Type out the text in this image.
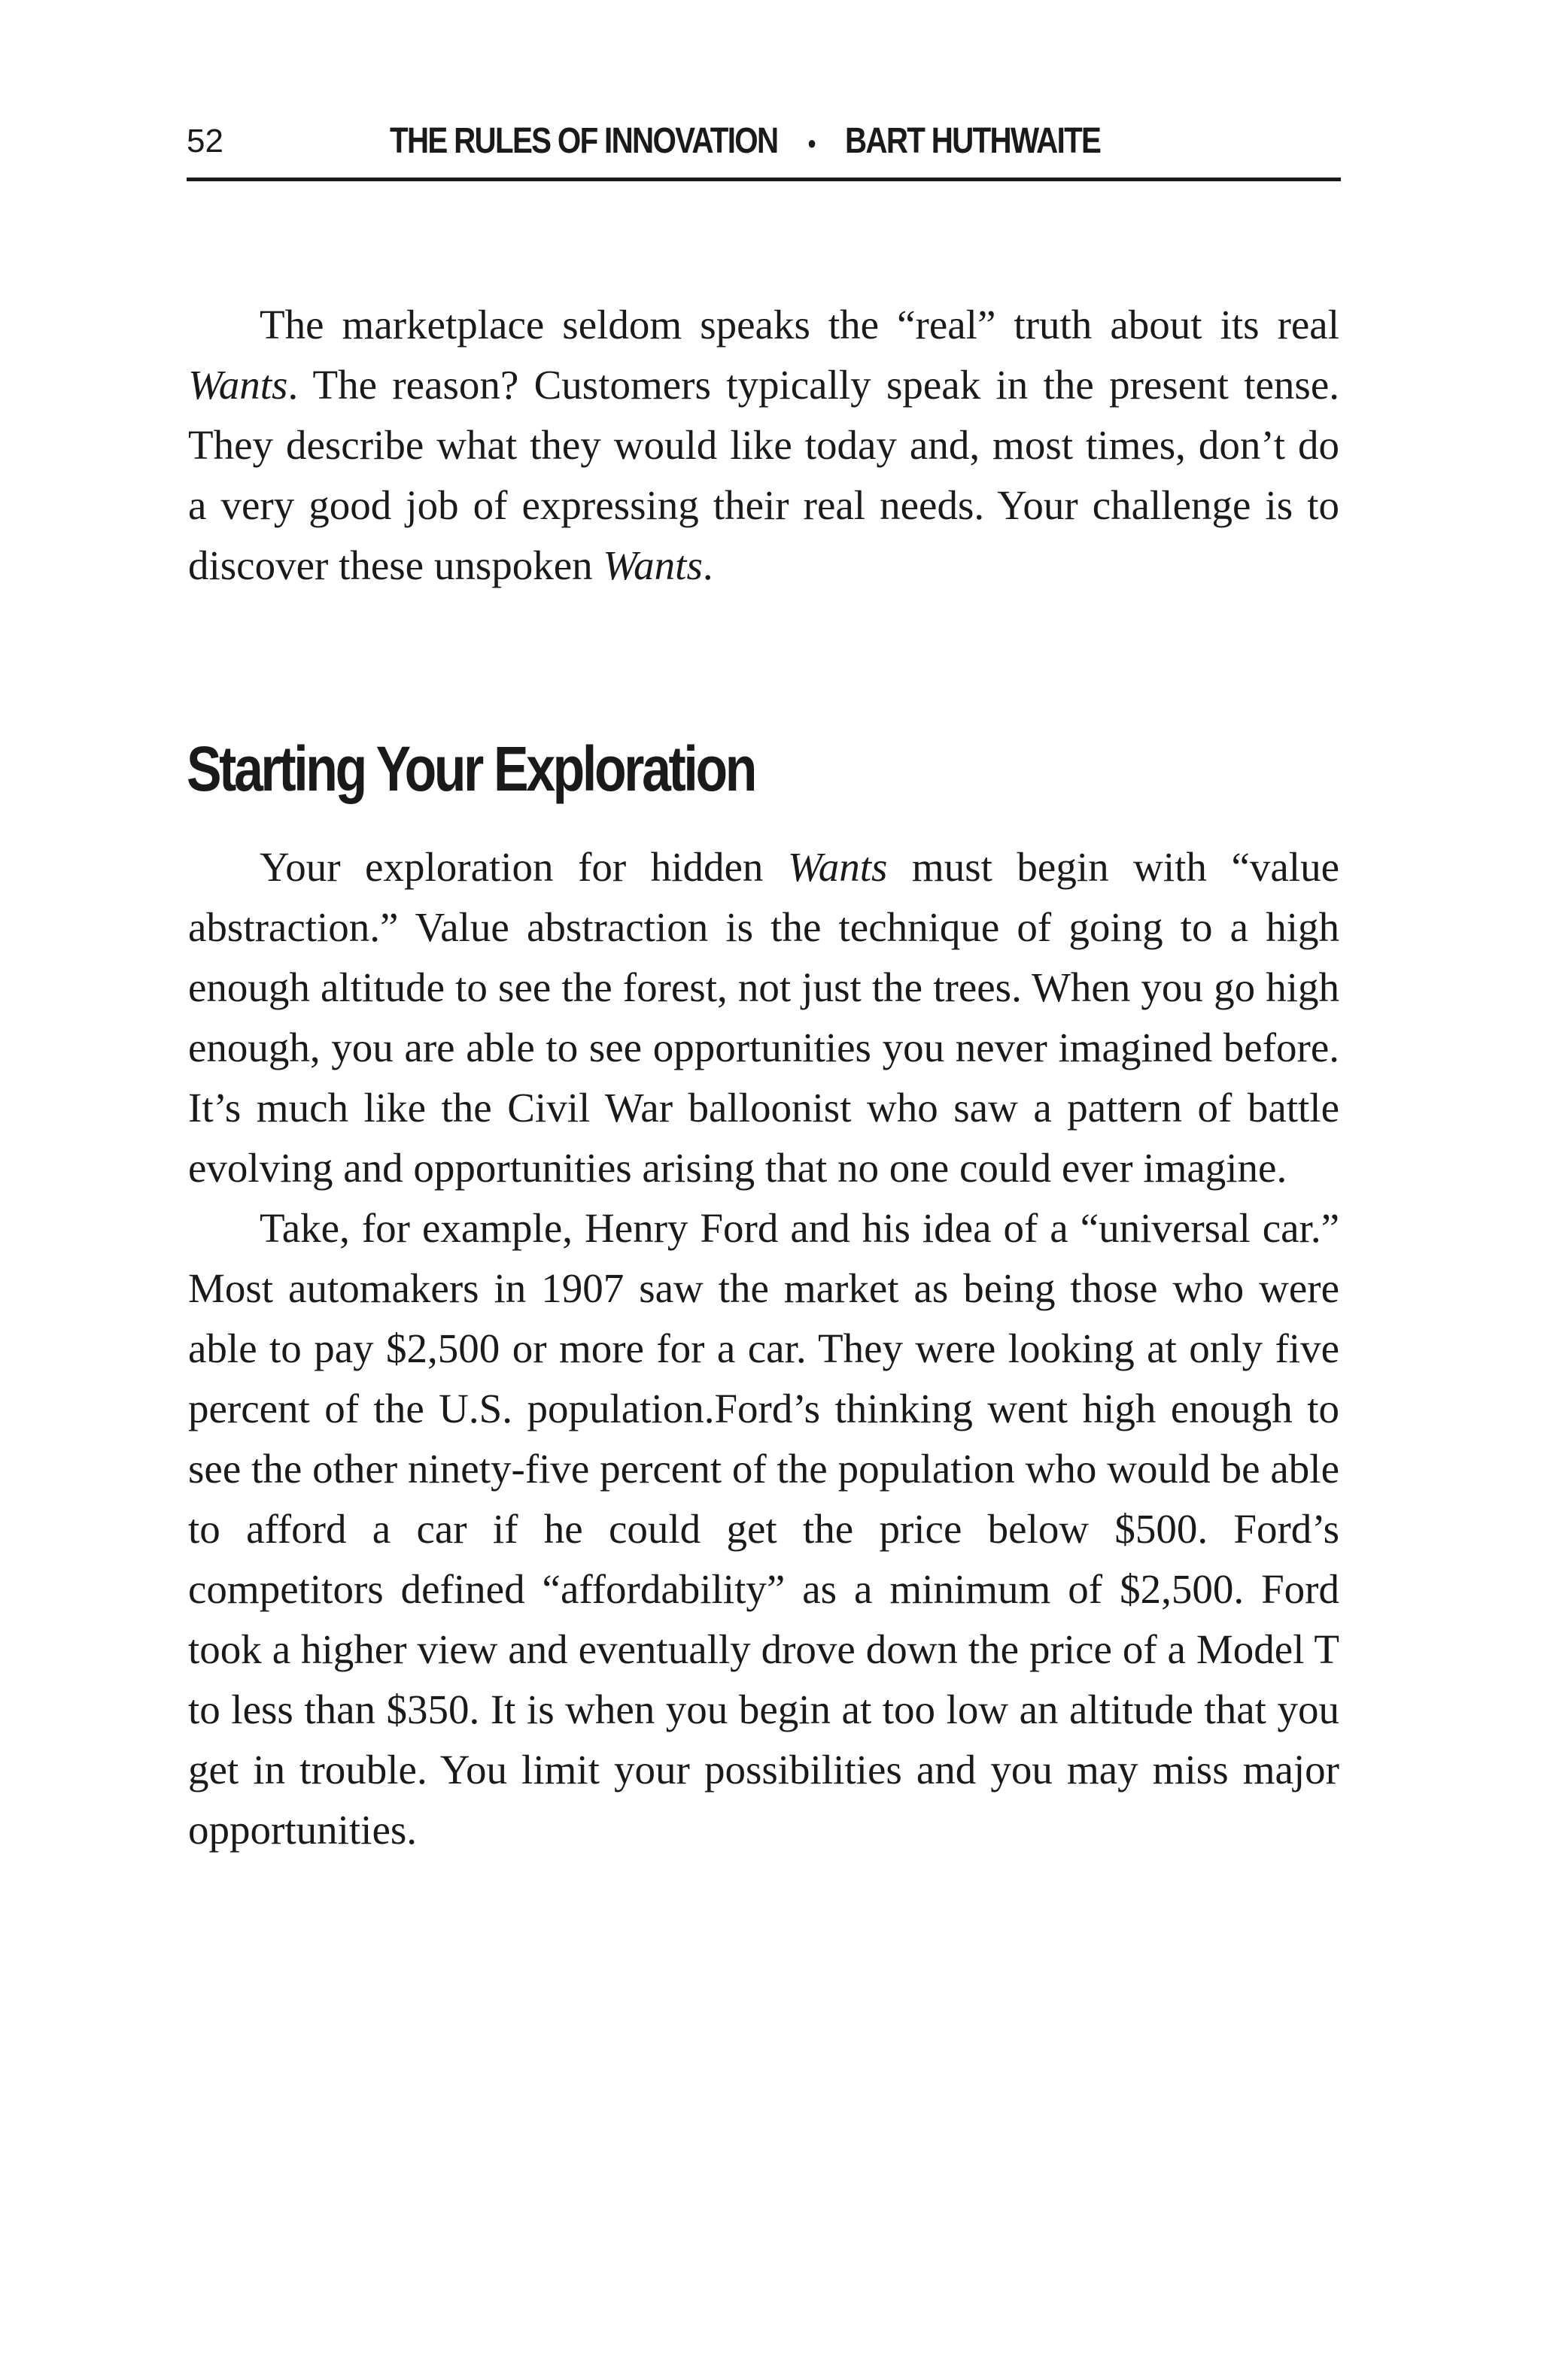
52	THE RULES OF INNOVATION • BART HUTHWAITE

The marketplace seldom speaks the “real” truth about its real Wants. The reason? Customers typically speak in the present tense. They describe what they would like today and, most times, don’t do a very good job of expressing their real needs. Your challenge is to discover these unspoken Wants.

Starting Your Exploration

Your exploration for hidden Wants must begin with “value abstraction.” Value abstraction is the technique of going to a high enough altitude to see the forest, not just the trees. When you go high enough, you are able to see opportunities you never imagined before. It’s much like the Civil War balloonist who saw a pattern of battle evolving and opportunities arising that no one could ever imagine.

Take, for example, Henry Ford and his idea of a “universal car.” Most automakers in 1907 saw the market as being those who were able to pay $2,500 or more for a car. They were looking at only five percent of the U.S. population.Ford’s thinking went high enough to see the other ninety-five percent of the population who would be able to afford a car if he could get the price below $500. Ford’s competitors defined “affordability” as a minimum of $2,500. Ford took a higher view and eventually drove down the price of a Model T to less than $350. It is when you begin at too low an altitude that you get in trouble. You limit your possibilities and you may miss major opportunities.
